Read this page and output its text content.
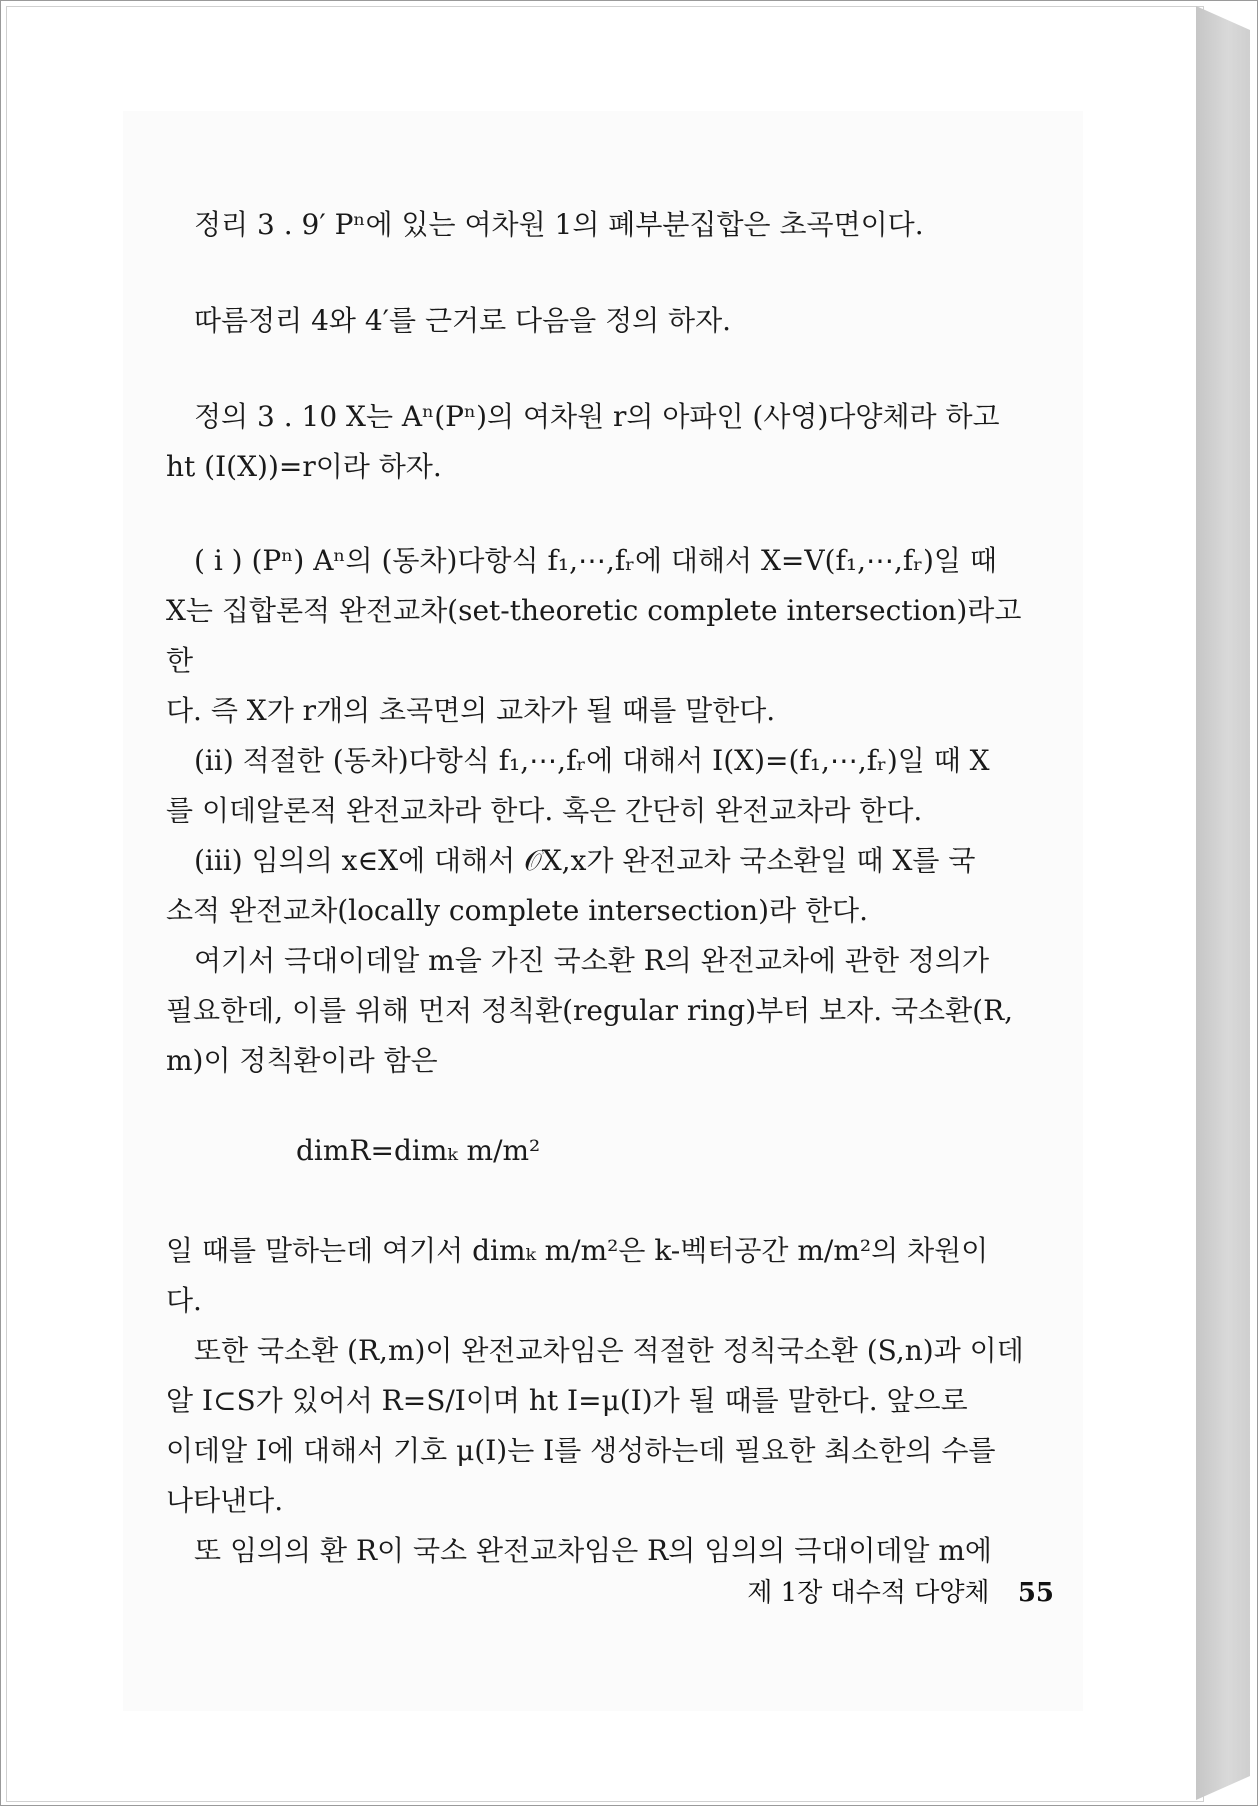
정리 3 . 9′ Pⁿ에 있는 여차원 1의 폐부분집합은 초곡면이다.

따름정리 4와 4′를 근거로 다음을 정의 하자.

정의 3 . 10 X는 Aⁿ(Pⁿ)의 여차원 r의 아파인 (사영)다양체라 하고

ht (I(X))=r이라 하자.

( i ) (Pⁿ) Aⁿ의 (동차)다항식 f₁,⋯,fᵣ에 대해서 X=V(f₁,⋯,fᵣ)일 때

X는 집합론적 완전교차(set-theoretic complete intersection)라고 한

다. 즉 X가 r개의 초곡면의 교차가 될 때를 말한다.

(ii) 적절한 (동차)다항식 f₁,⋯,fᵣ에 대해서 I(X)=(f₁,⋯,fᵣ)일 때 X

를 이데알론적 완전교차라 한다. 혹은 간단히 완전교차라 한다.

(iii) 임의의 x∈X에 대해서 𝒪X,x가 완전교차 국소환일 때 X를 국

소적 완전교차(locally complete intersection)라 한다.

여기서 극대이데알 m을 가진 국소환 R의 완전교차에 관한 정의가

필요한데, 이를 위해 먼저 정칙환(regular ring)부터 보자. 국소환(R,

m)이 정칙환이라 함은

dimR=dimₖ m/m²

일 때를 말하는데 여기서 dimₖ m/m²은 k-벡터공간 m/m²의 차원이

다.

또한 국소환 (R,m)이 완전교차임은 적절한 정칙국소환 (S,n)과 이데

알 I⊂S가 있어서 R=S/I이며 ht I=μ(I)가 될 때를 말한다. 앞으로

이데알 I에 대해서 기호 μ(I)는 I를 생성하는데 필요한 최소한의 수를

나타낸다.

또 임의의 환 R이 국소 완전교차임은 R의 임의의 극대이데알 m에

제 1장 대수적 다양체 55
